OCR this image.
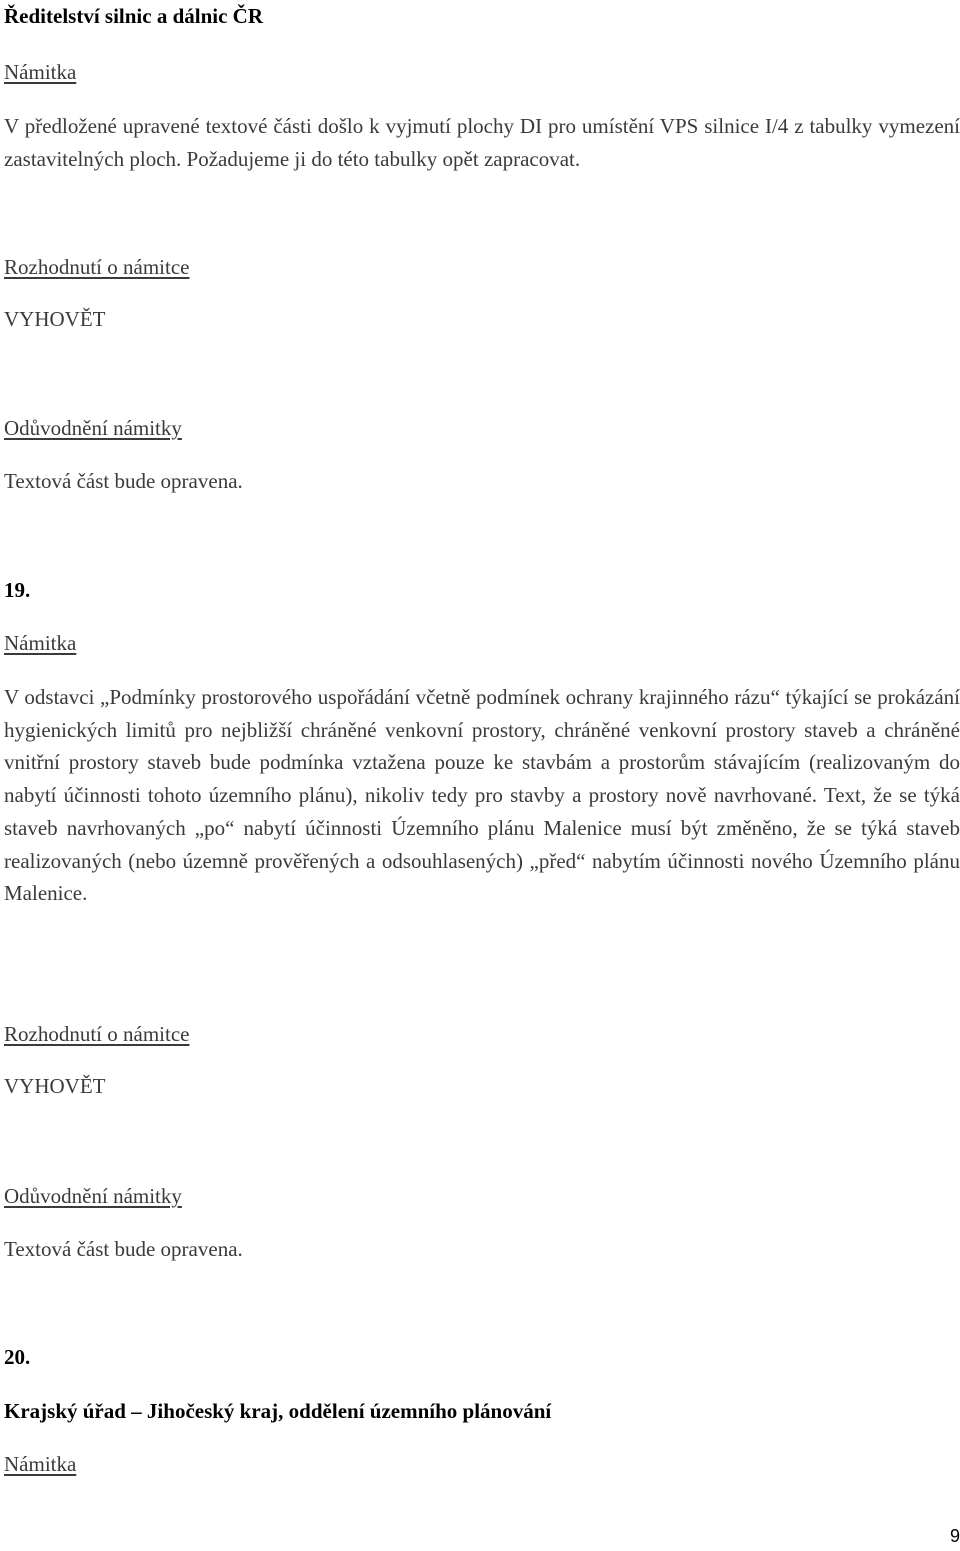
Ředitelství silnic a dálnic ČR
Námitka

V předložené upravené textové části došlo k vyjmutí plochy DI pro umístění VPS silnice I/4 z tabulky vymezení zastavitelných ploch. Požadujeme ji do této tabulky opět zapracovat.

Rozhodnutí o námitce
VYHOVĚT
Odůvodnění námitky
Textová část bude opravena.
19.
Námitka

V odstavci „Podmínky prostorového uspořádání včetně podmínek ochrany krajinného rázu“ týkající se prokázání hygienických limitů pro nejbližší chráněné venkovní prostory, chráněné venkovní prostory staveb a chráněné vnitřní prostory staveb bude podmínka vztažena pouze ke stavbám a prostorům stávajícím (realizovaným do nabytí účinnosti tohoto územního plánu), nikoliv tedy pro stavby a prostory nově navrhované. Text, že se týká staveb navrhovaných „po“ nabytí účinnosti Územního plánu Malenice musí být změněno, že se týká staveb realizovaných (nebo územně prověřených a odsouhlasených) „před“ nabytím účinnosti nového Územního plánu Malenice.

Rozhodnutí o námitce
VYHOVĚT
Odůvodnění námitky
Textová část bude opravena.
20.
Krajský úřad – Jihočeský kraj, oddělení územního plánování
Námitka
9
